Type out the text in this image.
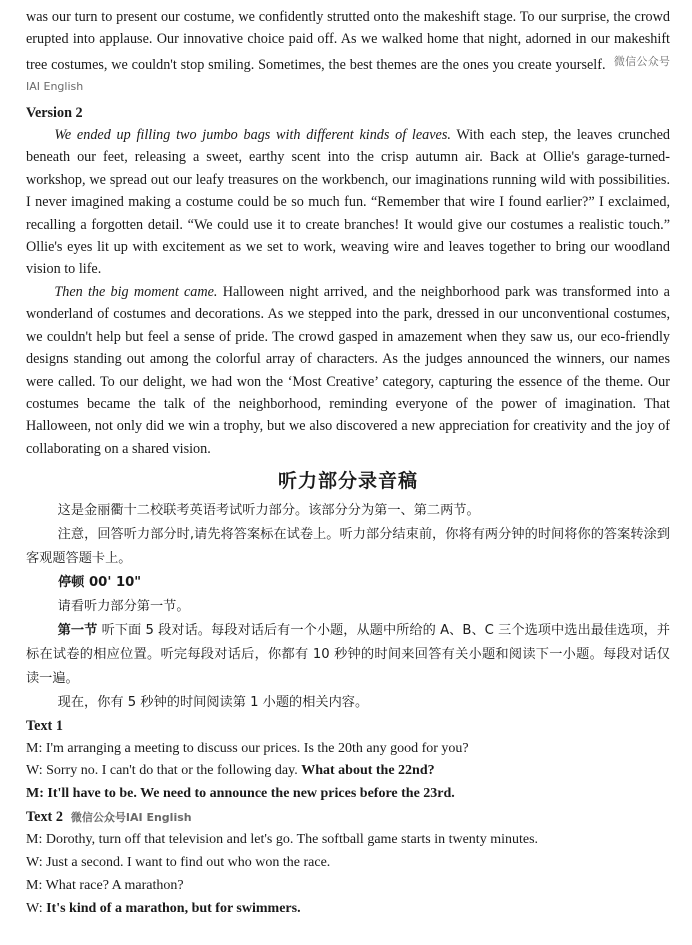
was our turn to present our costume, we confidently strutted onto the makeshift stage. To our surprise, the crowd erupted into applause. Our innovative choice paid off. As we walked home that night, adorned in our makeshift tree costumes, we couldn't stop smiling. Sometimes, the best themes are the ones you create yourself. $^{微信公众号IAI English}$

Version 2

We ended up filling two jumbo bags with different kinds of leaves. With each step, the leaves crunched beneath our feet, releasing a sweet, earthy scent into the crisp autumn air. Back at Ollie's garage-turned-workshop, we spread out our leafy treasures on the workbench, our imaginations running wild with possibilities. I never imagined making a costume could be so much fun. “Remember that wire I found earlier?” I exclaimed, recalling a forgotten detail. “We could use it to create branches! It would give our costumes a realistic touch.” Ollie's eyes lit up with excitement as we set to work, weaving wire and leaves together to bring our woodland vision to life.

Then the big moment came. Halloween night arrived, and the neighborhood park was transformed into a wonderland of costumes and decorations. As we stepped into the park, dressed in our unconventional costumes, we couldn't help but feel a sense of pride. The crowd gasped in amazement when they saw us, our eco-friendly designs standing out among the colorful array of characters. As the judges announced the winners, our names were called. To our delight, we had won the ‘Most Creative’ category, capturing the essence of the theme. Our costumes became the talk of the neighborhood, reminding everyone of the power of imagination. That Halloween, not only did we win a trophy, but we also discovered a new appreciation for creativity and the joy of collaborating on a shared vision.

听力部分录音稿

这是金丽衢十二校联考英语考试听力部分。该部分分为第一、第二两节。

注意，回答听力部分时,请先将答案标在试卷上。听力部分结束前，你将有两分钟的时间将你的答案转涂到客观题答题卡上。

停顿 00' 10"

请看听力部分第一节。

第一节 听下面 5 段对话。每段对话后有一个小题，从题中所给的 A、B、C 三个选项中选出最佳选项，并标在试卷的相应位置。听完每段对话后，你都有 10 秒钟的时间来回答有关小题和阅读下一小题。每段对话仅读一遍。

现在，你有 5 秒钟的时间阅读第 1 小题的相关内容。

Text 1

M: I'm arranging a meeting to discuss our prices. Is the 20th any good for you?

W: Sorry no. I can't do that or the following day. What about the 22nd?

M: It'll have to be. We need to announce the new prices before the 23rd.

Text 2 微信公众号IAI English

M: Dorothy, turn off that television and let's go. The softball game starts in twenty minutes.

W: Just a second. I want to find out who won the race.

M: What race? A marathon?

W: It's kind of a marathon, but for swimmers.
